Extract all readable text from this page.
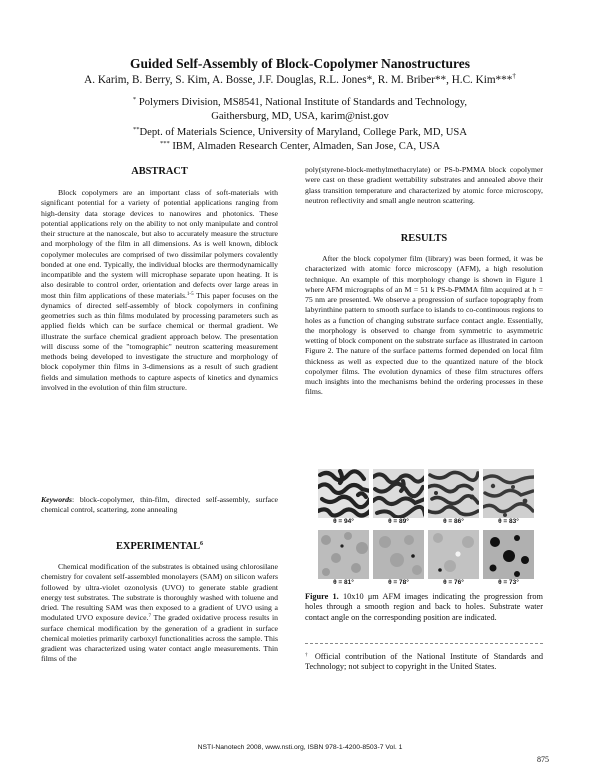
Guided Self-Assembly of Block-Copolymer Nanostructures
A. Karim, B. Berry, S. Kim, A. Bosse, J.F. Douglas, R.L. Jones*, R. M. Briber**, H.C. Kim***†
* Polymers Division, MS8541, National Institute of Standards and Technology,
Gaithersburg, MD, USA, karim@nist.gov
**Dept. of Materials Science, University of Maryland, College Park, MD, USA
*** IBM, Almaden Research Center, Almaden, San Jose, CA, USA
ABSTRACT

Block copolymers are an important class of soft-materials with significant potential for a variety of potential applications ranging from high-density data storage devices to nanowires and photonics. These potential applications rely on the ability to not only manipulate and control their structure at the nanoscale, but also to accurately measure the structure and morphology of the film in all dimensions. As is well known, diblock copolymer molecules are comprised of two dissimilar polymers covalently bonded at one end. Typically, the individual blocks are thermodynamically incompatible and the system will microphase separate upon heating. It is also desirable to control order, orientation and defects over large areas in most thin film applications of these materials.$^{1-5}$ This paper focuses on the dynamics of directed self-assembly of block copolymers in confining geometries such as thin films modulated by processing parameters such as applied fields which can be surface chemical or thermal gradient. We illustrate the surface chemical gradient approach below. The presentation will discuss some of the "tomographic" neutron scattering measurement methods being developed to investigate the structure and morphology of block copolymer thin films in 3-dimensions as a result of such gradient fields and simulation methods to capture aspects of kinetics and dynamics involved in the evolution of thin film structure.

Keywords: block-copolymer, thin-film, directed self-assembly, surface chemical control, scattering, zone annealing
EXPERIMENTAL$^6$

Chemical modification of the substrates is obtained using chlorosilane chemistry for covalent self-assembled monolayers (SAM) on silicon wafers followed by ultra-violet ozonolysis (UVO) to generate stable gradient energy test substrates. The substrate is thoroughly washed with toluene and dried. The resulting SAM was then exposed to a gradient of UVO using a modulated UVO exposure device.$^7$ The graded oxidative process results in surface chemical modification by the generation of a gradient in surface chemical moieties primarily carboxyl functionalities across the sample. This gradient was characterized using water contact angle measurements. Thin films of the

poly(styrene-block-methylmethacrylate) or PS-b-PMMA block copolymer were cast on these gradient wettability substrates and annealed above their glass transition temperature and characterized by atomic force microscopy, neutron reflectivity and small angle neutron scattering.

RESULTS

After the block copolymer film (library) was been formed, it was be characterized with atomic force microscopy (AFM), a high resolution technique. An example of this morphology change is shown in Figure 1 where AFM micrographs of an M = 51 k PS-b-PMMA film acquired at h = 75 nm are presented. We observe a progression of surface topography from labyrinthine pattern to smooth surface to islands to co-continuous regions to holes as a function of changing substrate surface contact angle. Essentially, the morphology is observed to change from symmetric to asymmetric wetting of block component on the substrate surface as illustrated in cartoon Figure 2. The nature of the surface patterns formed depended on local film thickness as well as expected due to the quantized nature of the block copolymer films. The evolution dynamics of these film structures offers much insights into the mechanisms behind the ordering processes in these films.

θ = 94°	θ = 89°	θ = 86°	θ = 83°
θ = 81°	θ = 78°	θ = 76°	θ = 73°
Figure 1. 10x10 μm AFM images indicating the progression from holes through a smooth region and back to holes. Substrate water contact angle on the corresponding position are indicated.
† Official contribution of the National Institute of Standards and Technology; not subject to copyright in the United States.
NSTI-Nanotech 2008, www.nsti.org, ISBN 978-1-4200-8503-7 Vol. 1
875
